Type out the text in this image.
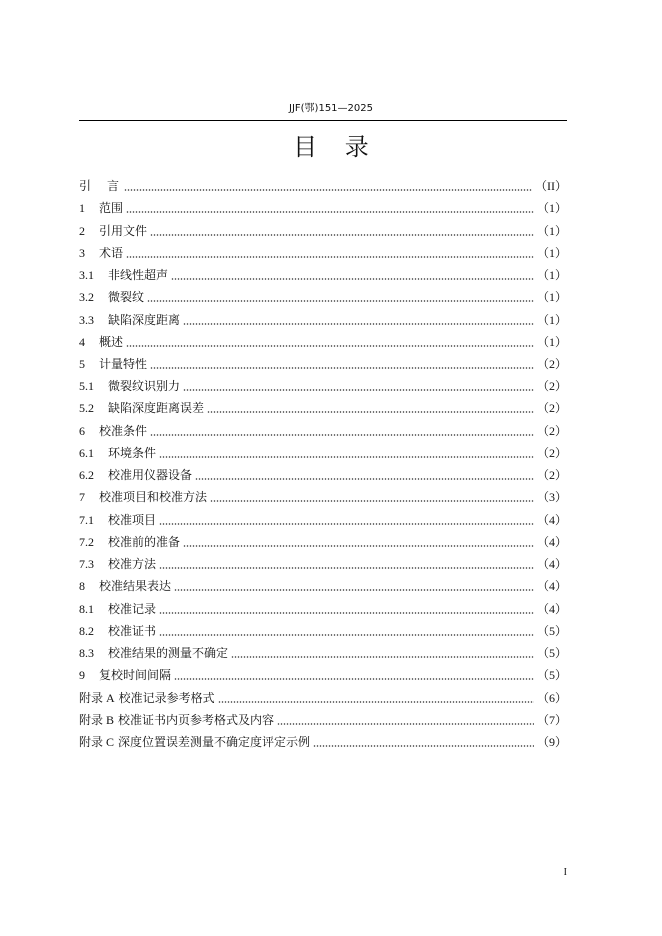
JJF(鄂)151—2025
目 录
引　言	（II）
1 范围	（1）
2 引用文件	（1）
3 术语	（1）
3.1 非线性超声	（1）
3.2 微裂纹	（1）
3.3 缺陷深度距离	（1）
4 概述	（1）
5 计量特性	（2）
5.1 微裂纹识别力	（2）
5.2 缺陷深度距离误差	（2）
6 校准条件	（2）
6.1 环境条件	（2）
6.2 校准用仪器设备	（2）
7 校准项目和校准方法	（3）
7.1 校准项目	（4）
7.2 校准前的准备	（4）
7.3 校准方法	（4）
8 校准结果表达	（4）
8.1 校准记录	（4）
8.2 校准证书	（5）
8.3 校准结果的测量不确定	（5）
9 复校时间间隔	（5）
附录 A 校准记录参考格式	（6）
附录 B 校准证书内页参考格式及内容	（7）
附录 C 深度位置误差测量不确定度评定示例	（9）
I
